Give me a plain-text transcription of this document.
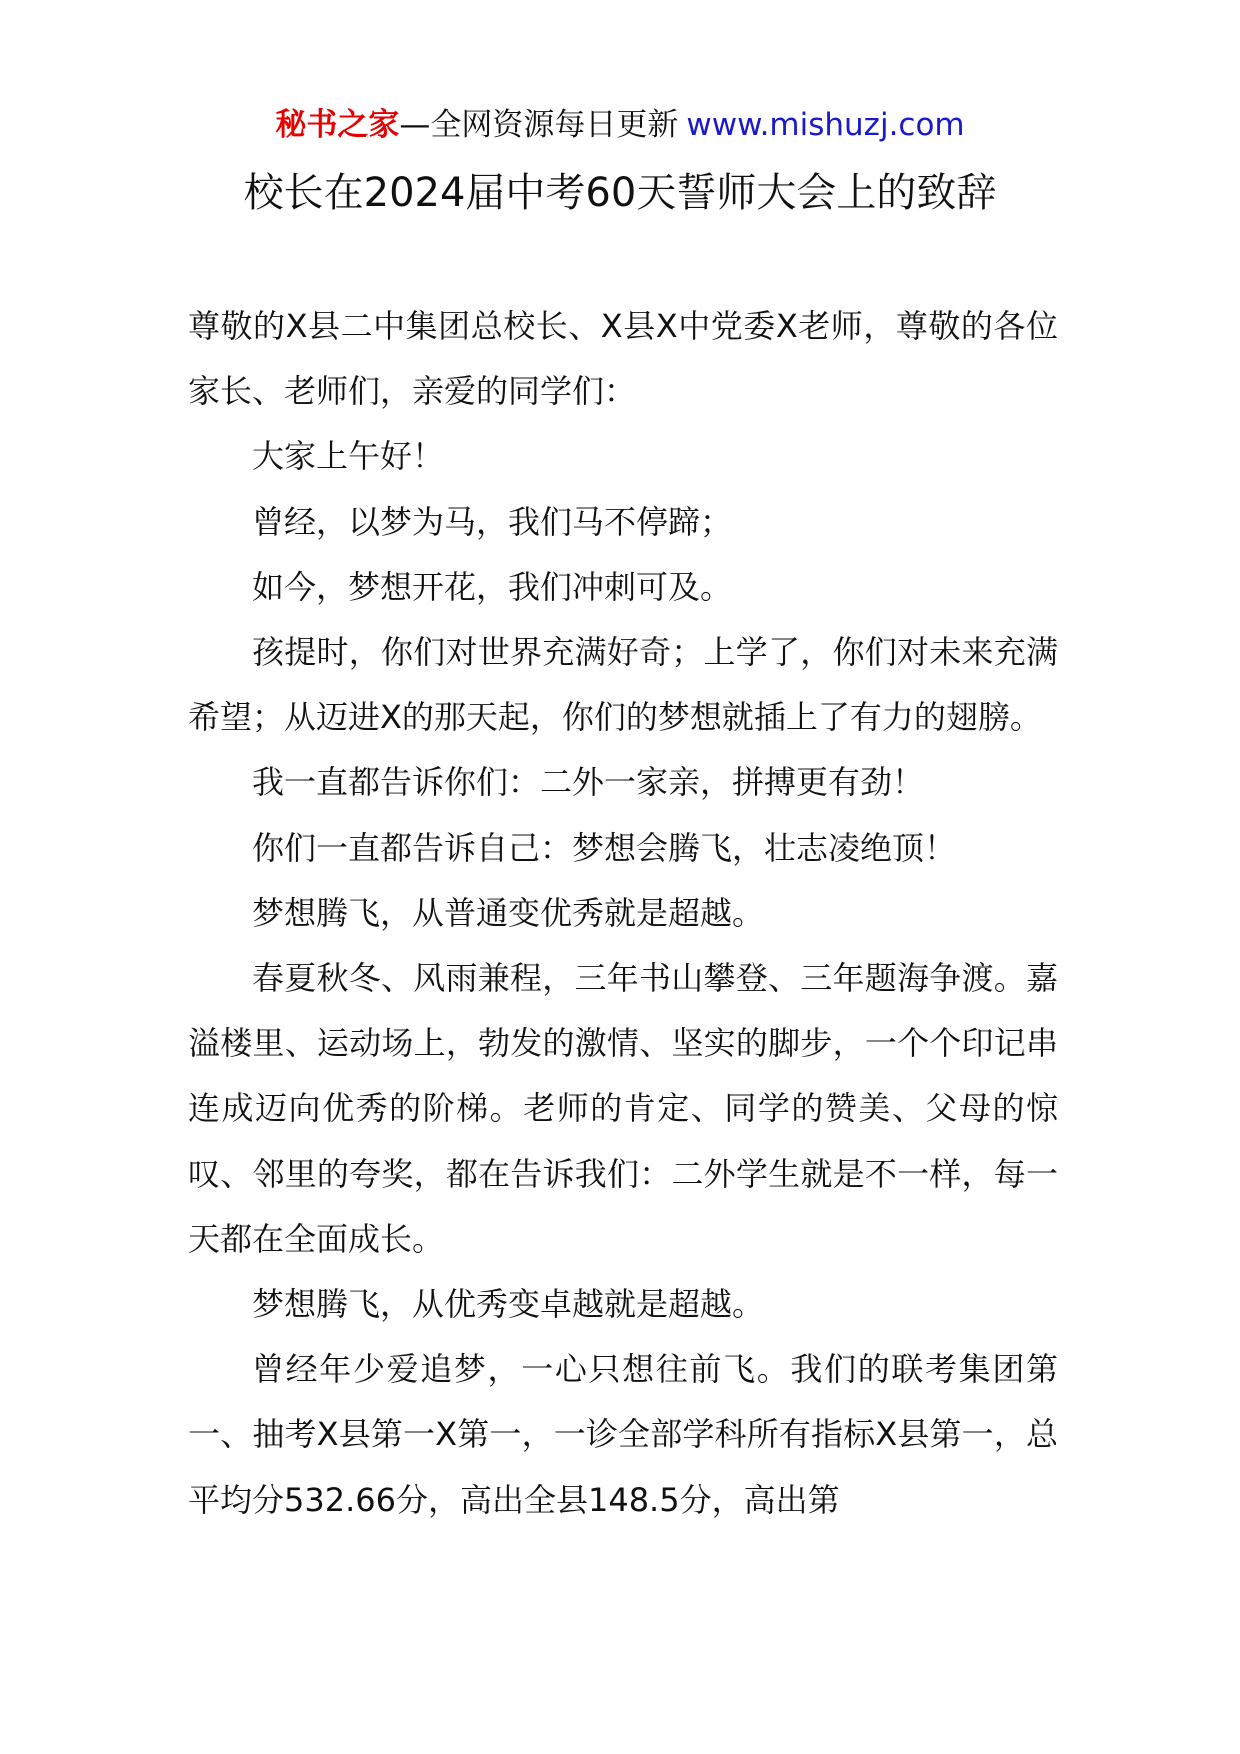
秘书之家—全网资源每日更新 www.mishuzj.com
校长在2024届中考60天誓师大会上的致辞

尊敬的X县二中集团总校长、X县X中党委X老师，尊敬的各位家长、老师们，亲爱的同学们：

大家上午好！

曾经，以梦为马，我们马不停蹄；

如今，梦想开花，我们冲刺可及。

孩提时，你们对世界充满好奇；上学了，你们对未来充满希望；从迈进X的那天起，你们的梦想就插上了有力的翅膀。

我一直都告诉你们：二外一家亲，拼搏更有劲！

你们一直都告诉自己：梦想会腾飞，壮志凌绝顶！

梦想腾飞，从普通变优秀就是超越。

春夏秋冬、风雨兼程，三年书山攀登、三年题海争渡。嘉溢楼里、运动场上，勃发的激情、坚实的脚步，一个个印记串连成迈向优秀的阶梯。老师的肯定、同学的赞美、父母的惊叹、邻里的夸奖，都在告诉我们：二外学生就是不一样，每一天都在全面成长。

梦想腾飞，从优秀变卓越就是超越。

曾经年少爱追梦，一心只想往前飞。我们的联考集团第一、抽考X县第一X第一，一诊全部学科所有指标X县第一，总平均分532.66分，高出全县148.5分，高出第
